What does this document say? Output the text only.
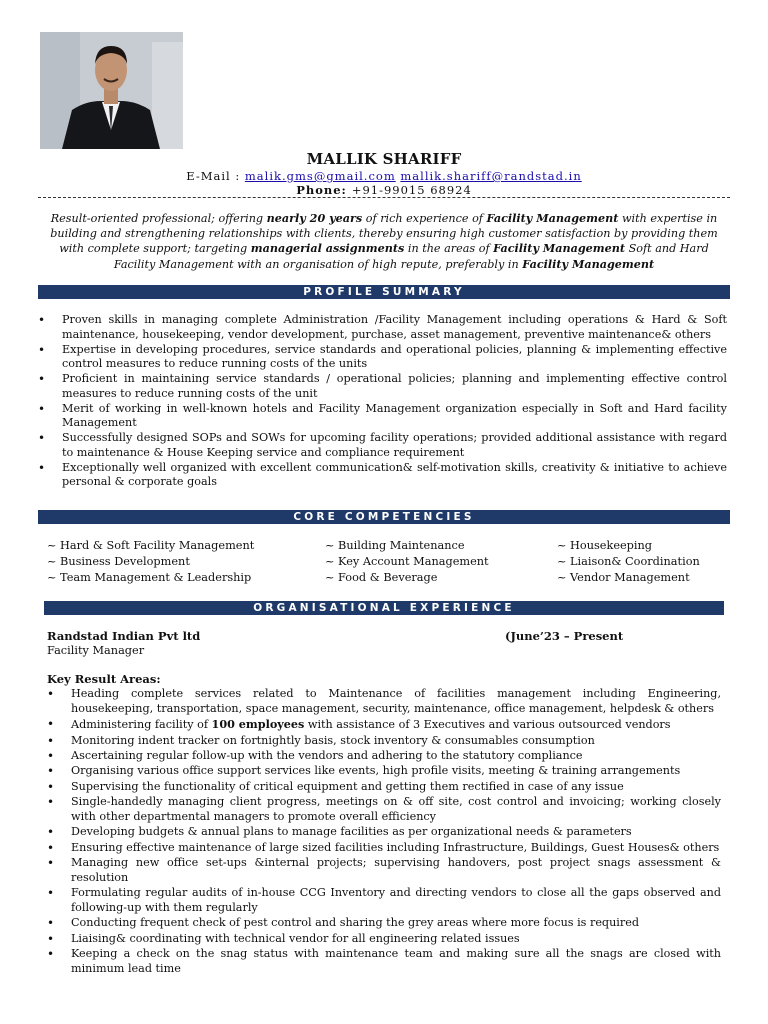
MALLIK SHARIFF
E-Mail : malik.gms@gmail.com mallik.shariff@randstad.in
Phone: +91-99015 68924
Result-oriented professional; offering nearly 20 years of rich experience of Facility Management with expertise in building and strengthening relationships with clients, thereby ensuring high customer satisfaction by providing them with complete support; targeting managerial assignments in the areas of Facility Management Soft and Hard Facility Management with an organisation of high repute, preferably in Facility Management
PROFILE SUMMARY
• Proven skills in managing complete Administration /Facility Management including operations & Hard & Soft maintenance, housekeeping, vendor development, purchase, asset management, preventive maintenance& others
• Expertise in developing procedures, service standards and operational policies, planning & implementing effective control measures to reduce running costs of the units
• Proficient in maintaining service standards / operational policies; planning and implementing effective control measures to reduce running costs of the unit
• Merit of working in well-known hotels and Facility Management organization especially in Soft and Hard facility Management
• Successfully designed SOPs and SOWs for upcoming facility operations; provided additional assistance with regard to maintenance & House Keeping service and compliance requirement
• Exceptionally well organized with excellent communication& self-motivation skills, creativity & initiative to achieve personal & corporate goals
CORE COMPETENCIES
~ Hard & Soft Facility Management
~ Business Development
~ Team Management & Leadership
~ Building Maintenance
~ Key Account Management
~ Food & Beverage
~ Housekeeping
~ Liaison& Coordination
~ Vendor Management
ORGANISATIONAL EXPERIENCE
Randstad Indian Pvt ltd	(June’23 – Present
Facility Manager
Key Result Areas:
• Heading complete services related to Maintenance of facilities management including Engineering, housekeeping, transportation, space management, security, maintenance, office management, helpdesk & others
• Administering facility of 100 employees with assistance of 3 Executives and various outsourced vendors
• Monitoring indent tracker on fortnightly basis, stock inventory & consumables consumption
• Ascertaining regular follow-up with the vendors and adhering to the statutory compliance
• Organising various office support services like events, high profile visits, meeting & training arrangements
• Supervising the functionality of critical equipment and getting them rectified in case of any issue
• Single-handedly managing client progress, meetings on & off site, cost control and invoicing; working closely with other departmental managers to promote overall efficiency
• Developing budgets & annual plans to manage facilities as per organizational needs & parameters
• Ensuring effective maintenance of large sized facilities including Infrastructure, Buildings, Guest Houses& others
• Managing new office set-ups &internal projects; supervising handovers, post project snags assessment & resolution
• Formulating regular audits of in-house CCG Inventory and directing vendors to close all the gaps observed and following-up with them regularly
• Conducting frequent check of pest control and sharing the grey areas where more focus is required
• Liaising& coordinating with technical vendor for all engineering related issues
• Keeping a check on the snag status with maintenance team and making sure all the snags are closed with minimum lead time
